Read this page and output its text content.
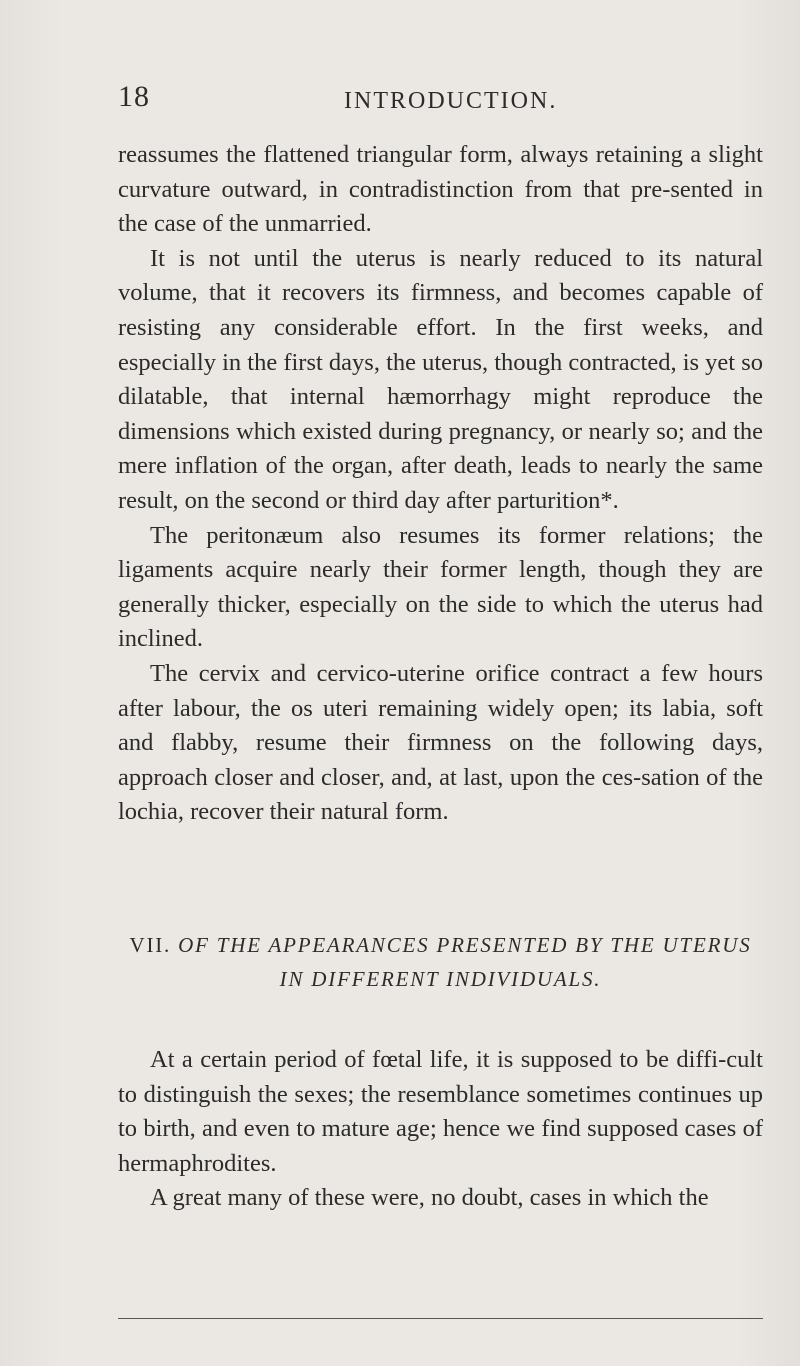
18	INTRODUCTION.

reassumes the flattened triangular form, always retaining a slight curvature outward, in contradistinction from that pre-sented in the case of the unmarried.

It is not until the uterus is nearly reduced to its natural volume, that it recovers its firmness, and becomes capable of resisting any considerable effort. In the first weeks, and especially in the first days, the uterus, though contracted, is yet so dilatable, that internal hæmorrhagy might reproduce the dimensions which existed during pregnancy, or nearly so; and the mere inflation of the organ, after death, leads to nearly the same result, on the second or third day after parturition*.

The peritonæum also resumes its former relations; the ligaments acquire nearly their former length, though they are generally thicker, especially on the side to which the uterus had inclined.

The cervix and cervico-uterine orifice contract a few hours after labour, the os uteri remaining widely open; its labia, soft and flabby, resume their firmness on the following days, approach closer and closer, and, at last, upon the ces-sation of the lochia, recover their natural form.

VII. OF THE APPEARANCES PRESENTED BY THE UTERUS IN DIFFERENT INDIVIDUALS.

At a certain period of fœtal life, it is supposed to be diffi-cult to distinguish the sexes; the resemblance sometimes continues up to birth, and even to mature age; hence we find supposed cases of hermaphrodites.

A great many of these were, no doubt, cases in which the
